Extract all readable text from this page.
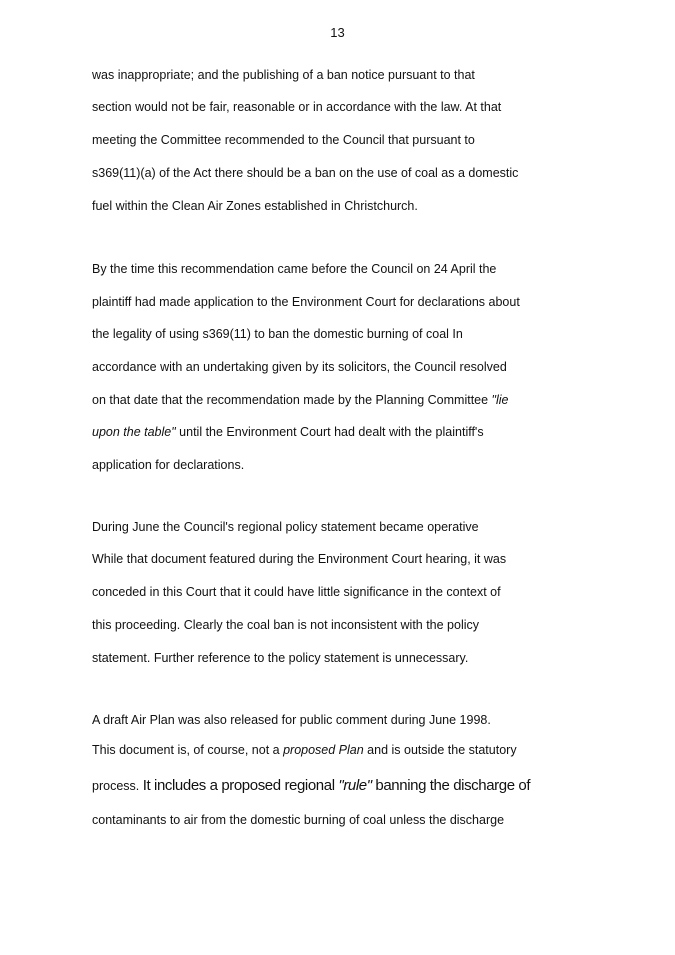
13
was inappropriate; and the publishing of a ban notice pursuant to that
section would not be fair, reasonable or in accordance with the law. At that
meeting the Committee recommended to the Council that pursuant to
s369(11)(a) of the Act there should be a ban on the use of coal as a domestic
fuel within the Clean Air Zones established in Christchurch.
By the time this recommendation came before the Council on 24 April the
plaintiff had made application to the Environment Court for declarations about
the legality of using s369(11) to ban the domestic burning of coal In
accordance with an undertaking given by its solicitors, the Council resolved
on that date that the recommendation made by the Planning Committee "lie
upon the table" until the Environment Court had dealt with the plaintiff's
application for declarations.
During June the Council's regional policy statement became operative
While that document featured during the Environment Court hearing, it was
conceded in this Court that it could have little significance in the context of
this proceeding. Clearly the coal ban is not inconsistent with the policy
statement. Further reference to the policy statement is unnecessary.
A draft Air Plan was also released for public comment during June 1998.
This document is, of course, not a proposed Plan and is outside the statutory
process. It includes a proposed regional "rule" banning the discharge of
contaminants to air from the domestic burning of coal unless the discharge
